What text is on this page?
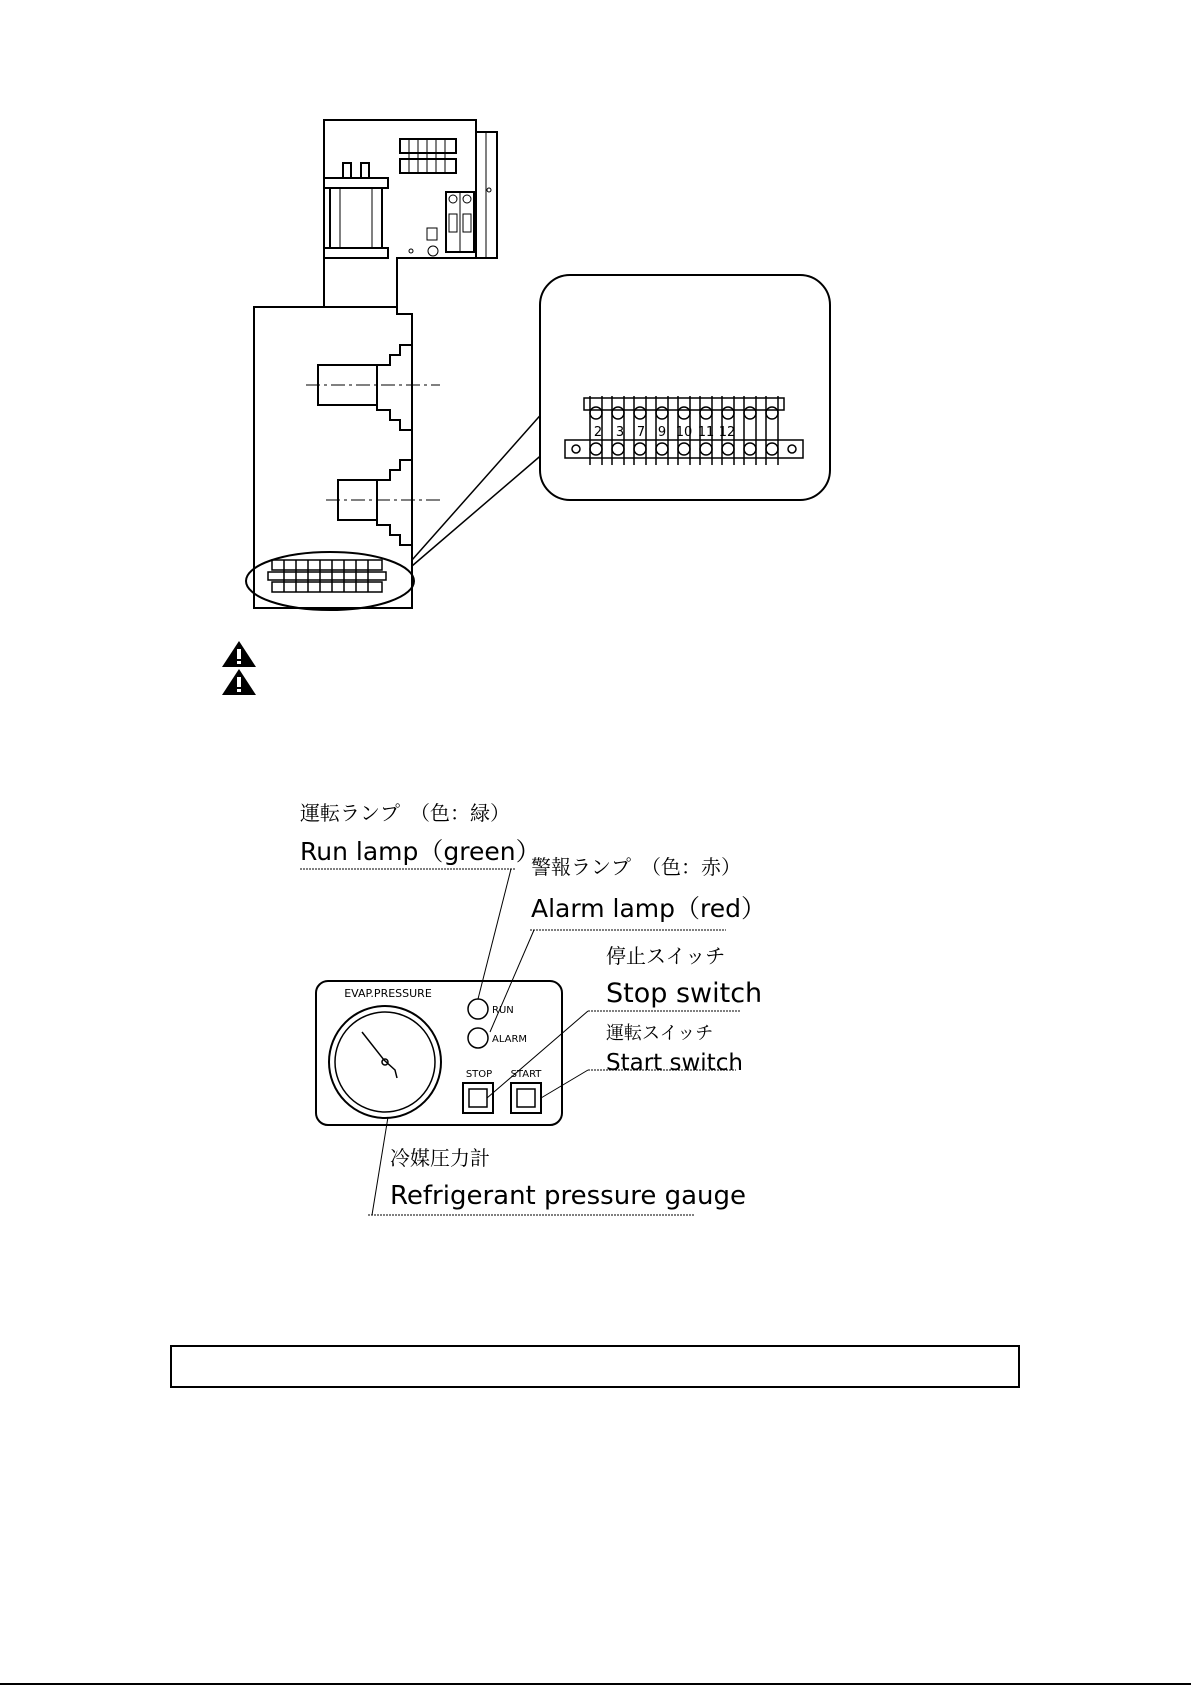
2 3 7 9 10 11 12
EVAP.PRESSURE
RUN
ALARM
STOP START
運転ランプ　（色：緑）
Run lamp（green）
警報ランプ　（色：赤）
Alarm lamp（red）
停止スイッチ
Stop switch
運転スイッチ
Start switch
冷媒圧力計
Refrigerant pressure gauge
